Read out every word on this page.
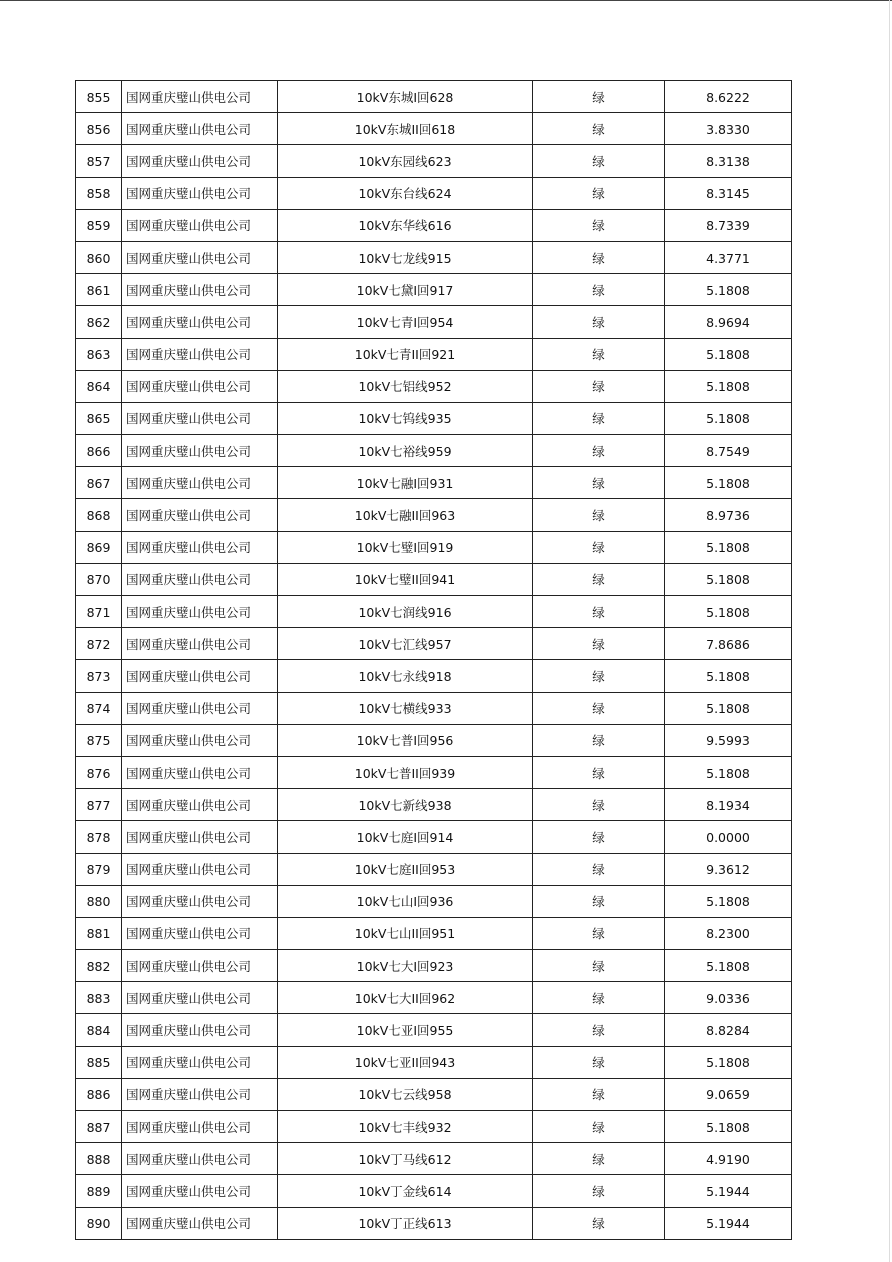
855	国网重庆璧山供电公司	10kV东城I回628	绿	8.6222
856	国网重庆璧山供电公司	10kV东城II回618	绿	3.8330
857	国网重庆璧山供电公司	10kV东园线623	绿	8.3138
858	国网重庆璧山供电公司	10kV东台线624	绿	8.3145
859	国网重庆璧山供电公司	10kV东华线616	绿	8.7339
860	国网重庆璧山供电公司	10kV七龙线915	绿	4.3771
861	国网重庆璧山供电公司	10kV七黛I回917	绿	5.1808
862	国网重庆璧山供电公司	10kV七青I回954	绿	8.9694
863	国网重庆璧山供电公司	10kV七青II回921	绿	5.1808
864	国网重庆璧山供电公司	10kV七铝线952	绿	5.1808
865	国网重庆璧山供电公司	10kV七钨线935	绿	5.1808
866	国网重庆璧山供电公司	10kV七裕线959	绿	8.7549
867	国网重庆璧山供电公司	10kV七融I回931	绿	5.1808
868	国网重庆璧山供电公司	10kV七融II回963	绿	8.9736
869	国网重庆璧山供电公司	10kV七璧I回919	绿	5.1808
870	国网重庆璧山供电公司	10kV七璧II回941	绿	5.1808
871	国网重庆璧山供电公司	10kV七润线916	绿	5.1808
872	国网重庆璧山供电公司	10kV七汇线957	绿	7.8686
873	国网重庆璧山供电公司	10kV七永线918	绿	5.1808
874	国网重庆璧山供电公司	10kV七横线933	绿	5.1808
875	国网重庆璧山供电公司	10kV七普I回956	绿	9.5993
876	国网重庆璧山供电公司	10kV七普II回939	绿	5.1808
877	国网重庆璧山供电公司	10kV七新线938	绿	8.1934
878	国网重庆璧山供电公司	10kV七庭I回914	绿	0.0000
879	国网重庆璧山供电公司	10kV七庭II回953	绿	9.3612
880	国网重庆璧山供电公司	10kV七山I回936	绿	5.1808
881	国网重庆璧山供电公司	10kV七山II回951	绿	8.2300
882	国网重庆璧山供电公司	10kV七大I回923	绿	5.1808
883	国网重庆璧山供电公司	10kV七大II回962	绿	9.0336
884	国网重庆璧山供电公司	10kV七亚I回955	绿	8.8284
885	国网重庆璧山供电公司	10kV七亚II回943	绿	5.1808
886	国网重庆璧山供电公司	10kV七云线958	绿	9.0659
887	国网重庆璧山供电公司	10kV七丰线932	绿	5.1808
888	国网重庆璧山供电公司	10kV丁马线612	绿	4.9190
889	国网重庆璧山供电公司	10kV丁金线614	绿	5.1944
890	国网重庆璧山供电公司	10kV丁正线613	绿	5.1944
